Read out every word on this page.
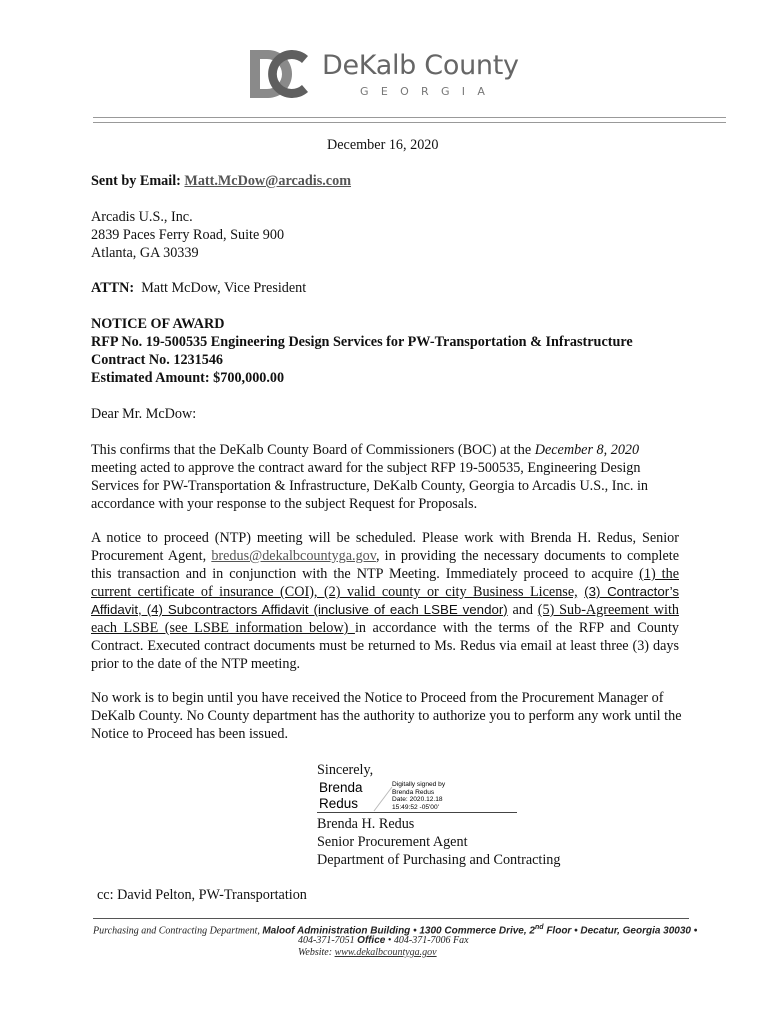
DeKalb County
GEORGIA

December 16, 2020

Sent by Email: Matt.McDow@arcadis.com

Arcadis U.S., Inc.

2839 Paces Ferry Road, Suite 900

Atlanta, GA 30339

ATTN: Matt McDow, Vice President

NOTICE OF AWARD

RFP No. 19-500535 Engineering Design Services for PW-Transportation & Infrastructure

Contract No. 1231546

Estimated Amount: $700,000.00

Dear Mr. McDow:

This confirms that the DeKalb County Board of Commissioners (BOC) at the December 8, 2020 meeting acted to approve the contract award for the subject RFP 19-500535, Engineering Design Services for PW-Transportation & Infrastructure, DeKalb County, Georgia to Arcadis U.S., Inc. in accordance with your response to the subject Request for Proposals.

A notice to proceed (NTP) meeting will be scheduled. Please work with Brenda H. Redus, Senior Procurement Agent, bredus@dekalbcountyga.gov, in providing the necessary documents to complete this transaction and in conjunction with the NTP Meeting. Immediately proceed to acquire (1) the current certificate of insurance (COI), (2) valid county or city Business License, (3) Contractor’s Affidavit, (4) Subcontractors Affidavit (inclusive of each LSBE vendor) and (5) Sub-Agreement with each LSBE (see LSBE information below) in accordance with the terms of the RFP and County Contract. Executed contract documents must be returned to Ms. Redus via email at least three (3) days prior to the date of the NTP meeting.

No work is to begin until you have received the Notice to Proceed from the Procurement Manager of DeKalb County. No County department has the authority to authorize you to perform any work until the Notice to Proceed has been issued.

Sincerely,

Brenda
Redus
Digitally signed by
Brenda Redus
Date: 2020.12.18
15:49:52 -05'00'

Brenda H. Redus

Senior Procurement Agent

Department of Purchasing and Contracting

cc: David Pelton, PW-Transportation

Purchasing and Contracting Department, Maloof Administration Building • 1300 Commerce Drive, 2nd Floor • Decatur, Georgia 30030 •
404-371-7051 Office • 404-371-7006 Fax
Website: www.dekalbcountyga.gov
